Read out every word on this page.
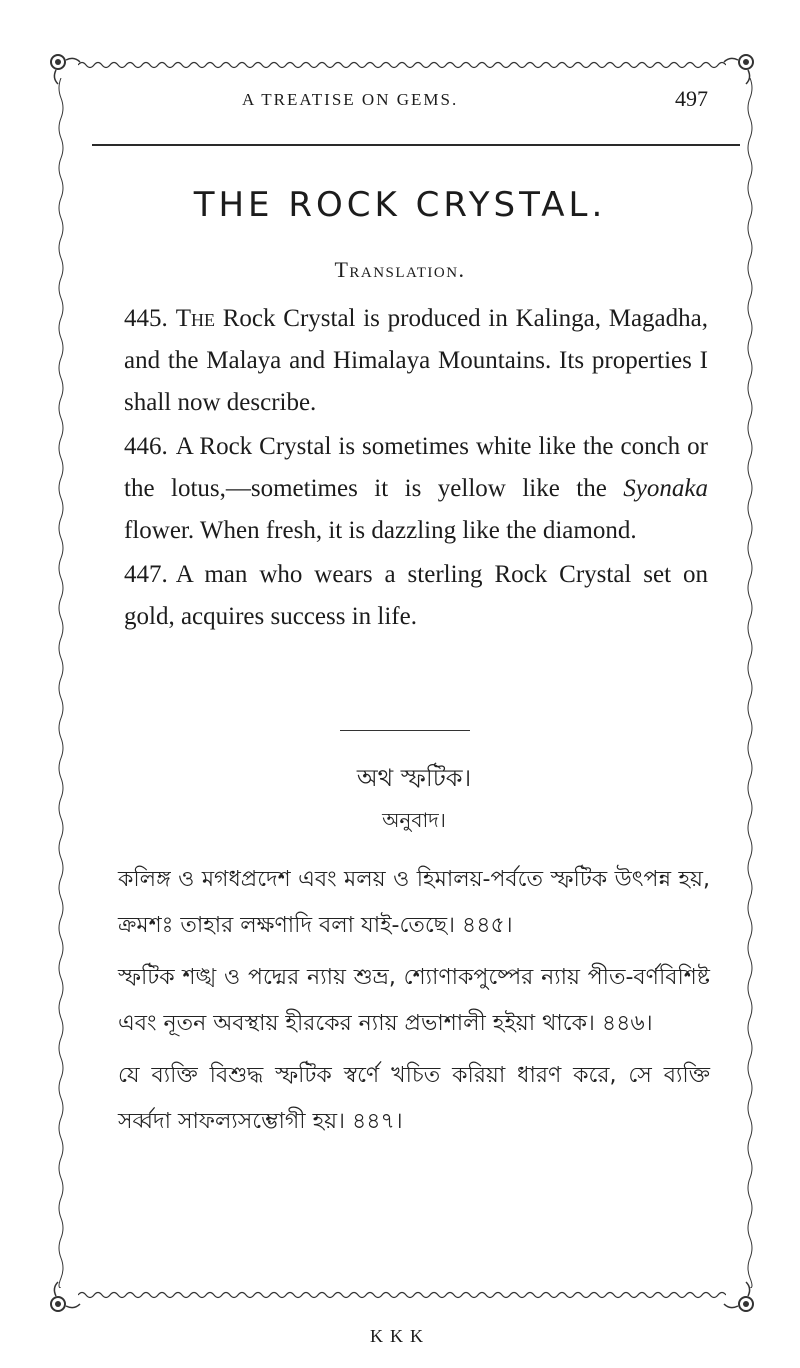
A TREATISE ON GEMS.	497
THE ROCK CRYSTAL.
Translation.

445. The Rock Crystal is produced in Kalinga, Magadha, and the Malaya and Himalaya Mountains. Its properties I shall now describe.

446. A Rock Crystal is sometimes white like the conch or the lotus,—sometimes it is yellow like the Syonaka flower. When fresh, it is dazzling like the diamond.

447. A man who wears a sterling Rock Crystal set on gold, acquires success in life.

অথ স্ফটিক।
অনুবাদ।

কলিঙ্গ ও মগধপ্রদেশ এবং মলয় ও হিমালয়-পর্বতে স্ফটিক উৎপন্ন হয়, ক্রমশঃ তাহার লক্ষণাদি বলা যাই-তেছে। ৪৪৫।

স্ফটিক শঙ্খ ও পদ্মের ন্যায় শুভ্র, শ্যোণাকপুষ্পের ন্যায় পীত-বর্ণবিশিষ্ট এবং নূতন অবস্থায় হীরকের ন্যায় প্রভাশালী হইয়া থাকে। ৪৪৬।

যে ব্যক্তি বিশুদ্ধ স্ফটিক স্বর্ণে খচিত করিয়া ধারণ করে, সে ব্যক্তি সর্ব্বদা সাফল্যসম্ভোগী হয়। ৪৪৭।

KKK
